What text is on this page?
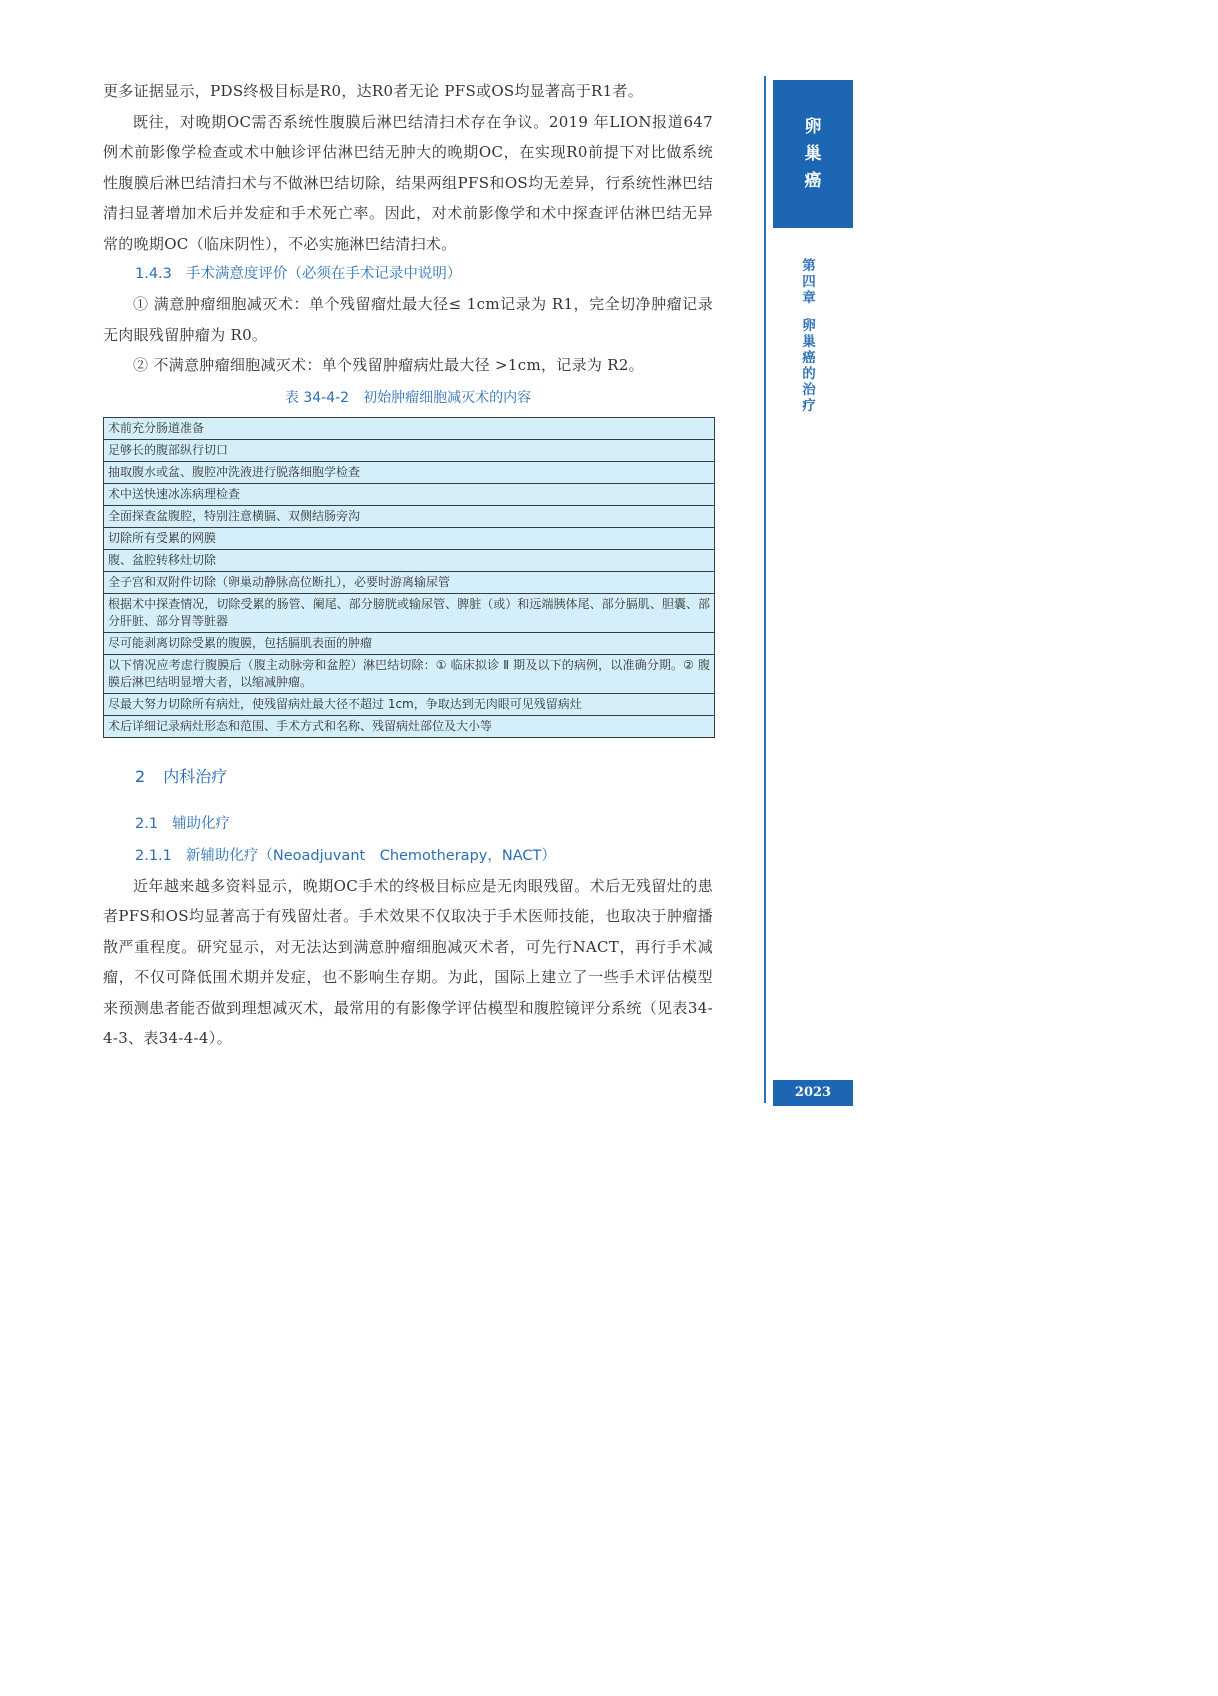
更多证据显示，PDS终极目标是R0，达R0者无论 PFS或OS均显著高于R1者。

既往，对晚期OC需否系统性腹膜后淋巴结清扫术存在争议。2019 年LION报道647 例术前影像学检查或术中触诊评估淋巴结无肿大的晚期OC，在实现R0前提下对比做系统性腹膜后淋巴结清扫术与不做淋巴结切除，结果两组PFS和OS均无差异，行系统性淋巴结清扫显著增加术后并发症和手术死亡率。因此，对术前影像学和术中探查评估淋巴结无异常的晚期OC（临床阴性），不必实施淋巴结清扫术。

1.4.3 手术满意度评价（必须在手术记录中说明）

① 满意肿瘤细胞减灭术：单个残留瘤灶最大径≤ 1cm记录为 R1，完全切净肿瘤记录无肉眼残留肿瘤为 R0。

② 不满意肿瘤细胞减灭术：单个残留肿瘤病灶最大径 >1cm，记录为 R2。

表 34-4-2　初始肿瘤细胞减灭术的内容
术前充分肠道准备
足够长的腹部纵行切口
抽取腹水或盆、腹腔冲洗液进行脱落细胞学检查
术中送快速冰冻病理检查
全面探查盆腹腔，特别注意横膈、双侧结肠旁沟
切除所有受累的网膜
腹、盆腔转移灶切除
全子宫和双附件切除（卵巢动静脉高位断扎），必要时游离输尿管
根据术中探查情况，切除受累的肠管、阑尾、部分膀胱或输尿管、脾脏（或）和远端胰体尾、部分膈肌、胆囊、部分肝脏、部分胃等脏器
尽可能剥离切除受累的腹膜，包括膈肌表面的肿瘤
以下情况应考虑行腹膜后（腹主动脉旁和盆腔）淋巴结切除：① 临床拟诊 Ⅱ 期及以下的病例，以准确分期。② 腹膜后淋巴结明显增大者，以缩减肿瘤。
尽最大努力切除所有病灶，使残留病灶最大径不超过 1cm，争取达到无肉眼可见残留病灶
术后详细记录病灶形态和范围、手术方式和名称、残留病灶部位及大小等
2 内科治疗

2.1 辅助化疗

2.1.1 新辅助化疗（Neoadjuvant　Chemotherapy，NACT）

近年越来越多资料显示，晚期OC手术的终极目标应是无肉眼残留。术后无残留灶的患者PFS和OS均显著高于有残留灶者。手术效果不仅取决于手术医师技能，也取决于肿瘤播散严重程度。研究显示，对无法达到满意肿瘤细胞减灭术者，可先行NACT，再行手术减瘤，不仅可降低围术期并发症，也不影响生存期。为此，国际上建立了一些手术评估模型来预测患者能否做到理想减灭术，最常用的有影像学评估模型和腹腔镜评分系统（见表34-4-3、表34-4-4）。

卵
巢
癌
第
四
章
卵
巢
癌
的
治
疗
2023
